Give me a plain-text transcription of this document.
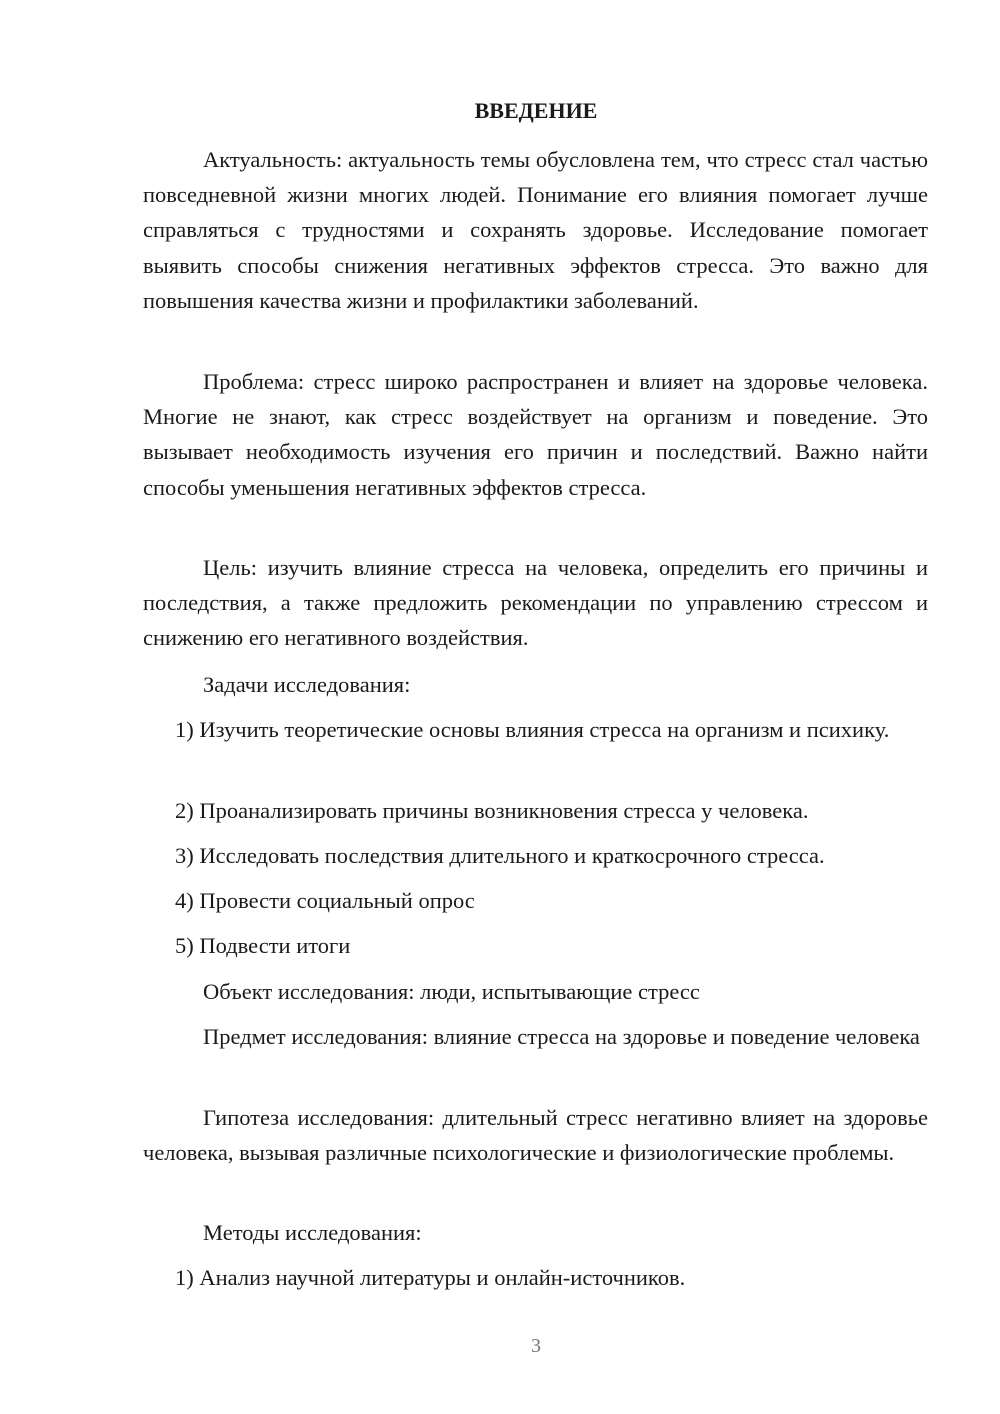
ВВЕДЕНИЕ

Актуальность: актуальность темы обусловлена тем, что стресс стал частью повседневной жизни многих людей. Понимание его влияния помогает лучше справляться с трудностями и сохранять здоровье. Исследование помогает выявить способы снижения негативных эффектов стресса. Это важно для повышения качества жизни и профилактики заболеваний.

Проблема: стресс широко распространен и влияет на здоровье человека. Многие не знают, как стресс воздействует на организм и поведение. Это вызывает необходимость изучения его причин и последствий. Важно найти способы уменьшения негативных эффектов стресса.

Цель: изучить влияние стресса на человека, определить его причины и последствия, а также предложить рекомендации по управлению стрессом и снижению его негативного воздействия.

Задачи исследования:

1) Изучить теоретические основы влияния стресса на организм и психику.

2) Проанализировать причины возникновения стресса у человека.

3) Исследовать последствия длительного и краткосрочного стресса.

4) Провести социальный опрос

5) Подвести итоги

Объект исследования: люди, испытывающие стресс

Предмет исследования: влияние стресса на здоровье и поведение человека

Гипотеза исследования: длительный стресс негативно влияет на здоровье человека, вызывая различные психологические и физиологические проблемы.

Методы исследования:

1) Анализ научной литературы и онлайн-источников.

3
